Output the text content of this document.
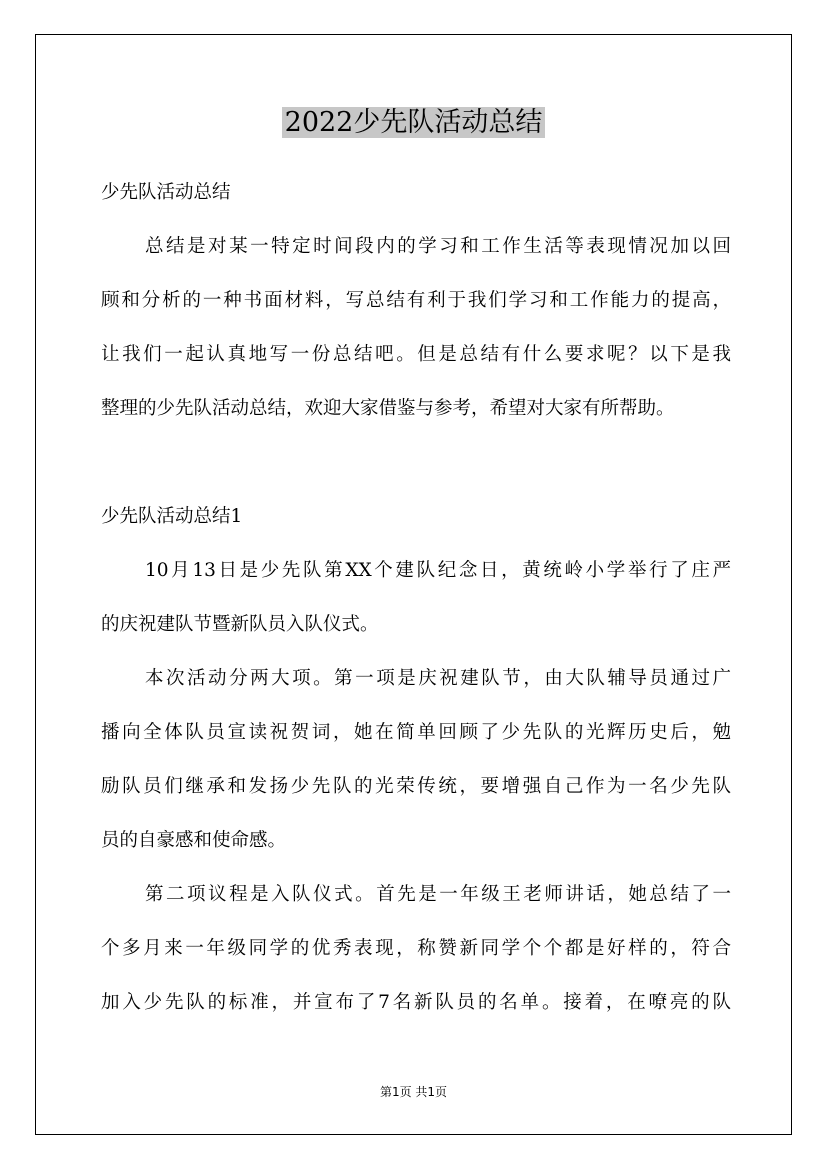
2022少先队活动总结
少先队活动总结
总结是对某一特定时间段内的学习和工作生活等表现情况加以回
顾和分析的一种书面材料，写总结有利于我们学习和工作能力的提高，
让我们一起认真地写一份总结吧。但是总结有什么要求呢？以下是我
整理的少先队活动总结，欢迎大家借鉴与参考，希望对大家有所帮助。
少先队活动总结1
10月13日是少先队第XX个建队纪念日，黄统岭小学举行了庄严
的庆祝建队节暨新队员入队仪式。
本次活动分两大项。第一项是庆祝建队节，由大队辅导员通过广
播向全体队员宣读祝贺词，她在简单回顾了少先队的光辉历史后，勉
励队员们继承和发扬少先队的光荣传统，要增强自己作为一名少先队
员的自豪感和使命感。
第二项议程是入队仪式。首先是一年级王老师讲话，她总结了一
个多月来一年级同学的优秀表现，称赞新同学个个都是好样的，符合
加入少先队的标准，并宣布了7名新队员的名单。接着，在嘹亮的队
第1页 共1页
